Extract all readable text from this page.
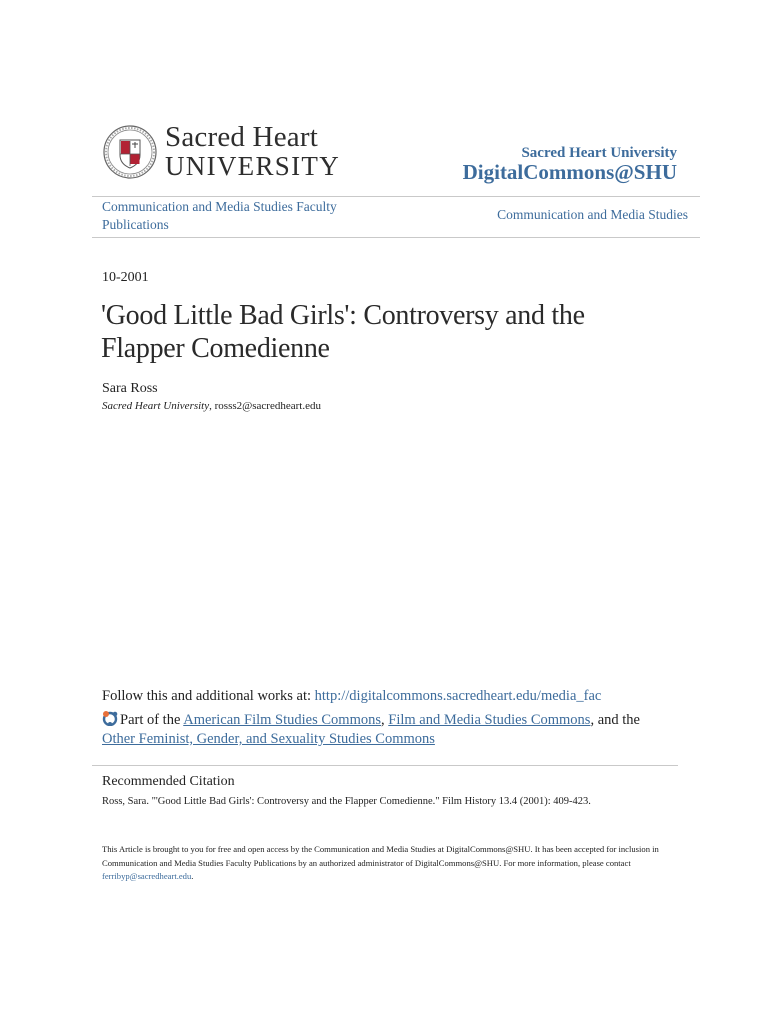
Sacred Heart
UNIVERSITY	Sacred Heart University
DigitalCommons@SHU
Communication and Media Studies Faculty Publications
Communication and Media Studies
10-2001
'Good Little Bad Girls': Controversy and the Flapper Comedienne
Sara Ross
Sacred Heart University, rosss2@sacredheart.edu
Follow this and additional works at: http://digitalcommons.sacredheart.edu/media_fac
Part of the American Film Studies Commons, Film and Media Studies Commons, and the Other Feminist, Gender, and Sexuality Studies Commons
Recommended Citation
Ross, Sara. "'Good Little Bad Girls': Controversy and the Flapper Comedienne." Film History 13.4 (2001): 409-423.
This Article is brought to you for free and open access by the Communication and Media Studies at DigitalCommons@SHU. It has been accepted for inclusion in Communication and Media Studies Faculty Publications by an authorized administrator of DigitalCommons@SHU. For more information, please contact ferribyp@sacredheart.edu.
